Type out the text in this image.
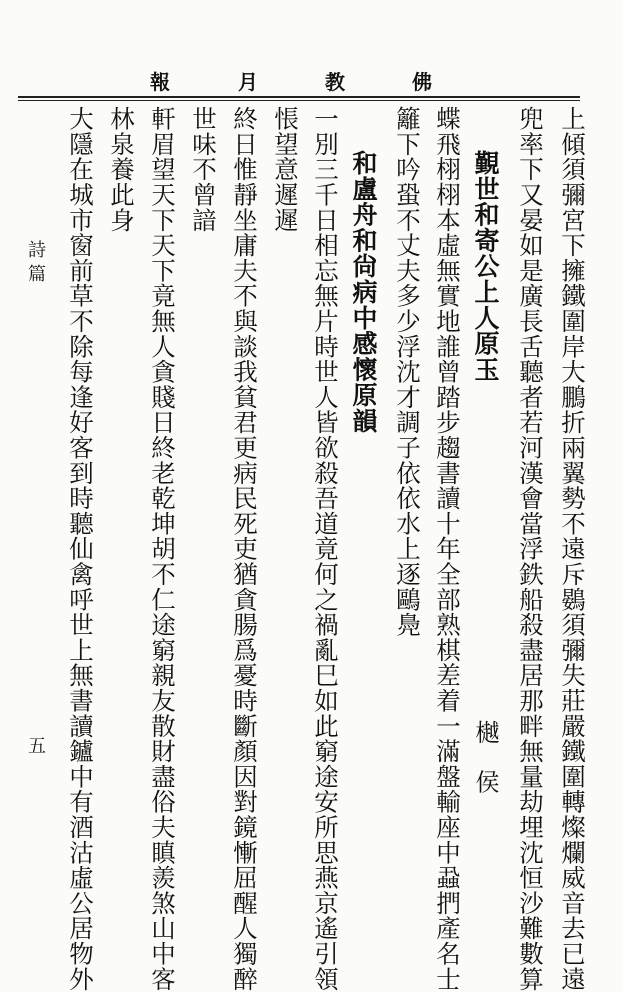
佛
教
月
報
上傾須彌宮下擁鐵圍岸大鵬折兩翼勢不遠斥鷃須彌失莊嚴鐵圍轉燦爛威音去已遠
兜率下又晏如是廣長舌聽者若河漢會當浮鉄船殺盡居那畔無量劫埋沈恒沙難數算
覲世和寄公上人原玉
樾　侯
蝶飛栩栩本虛無實地誰曾踏步趨書讀十年全部熟棋差着一滿盤輸座中蝨捫產名士
籬下吟蛩不丈夫多少浮沈才調子依依水上逐鷗鳧
和盧舟和尙病中感懷原韻
一別三千日相忘無片時世人皆欲殺吾道竟何之禍亂巳如此窮途安所思燕京遙引領
悵望意遲遲
終日惟靜坐庸夫不與談我貧君更病民死吏猶貪腸爲憂時斷顏因對鏡慚屈醒人獨醉
世味不曾諳
軒眉望天下天下竟無人貪賤日終老乾坤胡不仁途窮親友散財盡俗夫瞋羨煞山中客
林泉養此身
大隱在城市窗前草不除每逢好客到時聽仙禽呼世上無書讀鑪中有酒沽虛公居物外
詩篇
五
